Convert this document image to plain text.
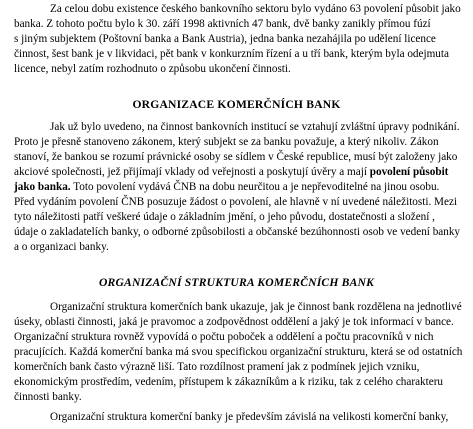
Za celou dobu existence českého bankovního sektoru bylo vydáno 63 povolení působit jako
banka. Z tohoto počtu bylo k 30. září 1998 aktivních 47 bank, dvě banky zanikly přímou fúzí
s jiným subjektem (Poštovní banka a Bank Austria), jedna banka nezahájila po udělení licence
činnost, šest bank je v likvidaci, pět bank v konkurzním řízení a u tří bank, kterým byla odejmuta
licence, nebyl zatím rozhodnuto o způsobu ukončení činnosti.
ORGANIZACE KOMERČNÍCH BANK
Jak už bylo uvedeno, na činnost bankovních institucí se vztahují zvláštní úpravy podnikání.
Proto je přesně stanoveno zákonem, který subjekt se za banku považuje, a který nikoliv. Zákon
stanoví, že bankou se rozumí právnické osoby se sídlem v České republice, musí být založeny jako
akciové společnosti, jež přijímají vklady od veřejnosti a poskytují úvěry a mají povolení působit
jako banka. Toto povolení vydává ČNB na dobu neurčitou a je nepřevoditelné na jinou osobu.
Před vydáním povolení ČNB posuzuje žádost o povolení, ale hlavně v ní uvedené náležitosti. Mezi
tyto náležitosti patří veškeré údaje o základním jmění, o jeho původu, dostatečnosti a složení ,
údaje o zakladatelích banky, o odborné způsobilosti a občanské bezúhonnosti osob ve vedení banky
a o organizaci banky.
ORGANIZAČNÍ STRUKTURA KOMERČNÍCH BANK
Organizační struktura komerčních bank ukazuje, jak je činnost bank rozdělena na jednotlivé
úseky, oblasti činnosti, jaká je pravomoc a zodpovědnost oddělení a jaký je tok informací v bance.
Organizační struktura rovněž vypovídá o počtu poboček a oddělení a počtu pracovníků v nich
pracujících. Každá komerční banka má svou specifickou organizační strukturu, která se od ostatních
komerčních bank často výrazně liší. Tato rozdílnost pramení jak z podmínek jejich vzniku,
ekonomickým prostředím, vedením, přístupem k zákazníkům a k riziku, tak z celého charakteru
činnosti banky.
Organizační struktura komerční banky je především závislá na velikosti komerční banky,
